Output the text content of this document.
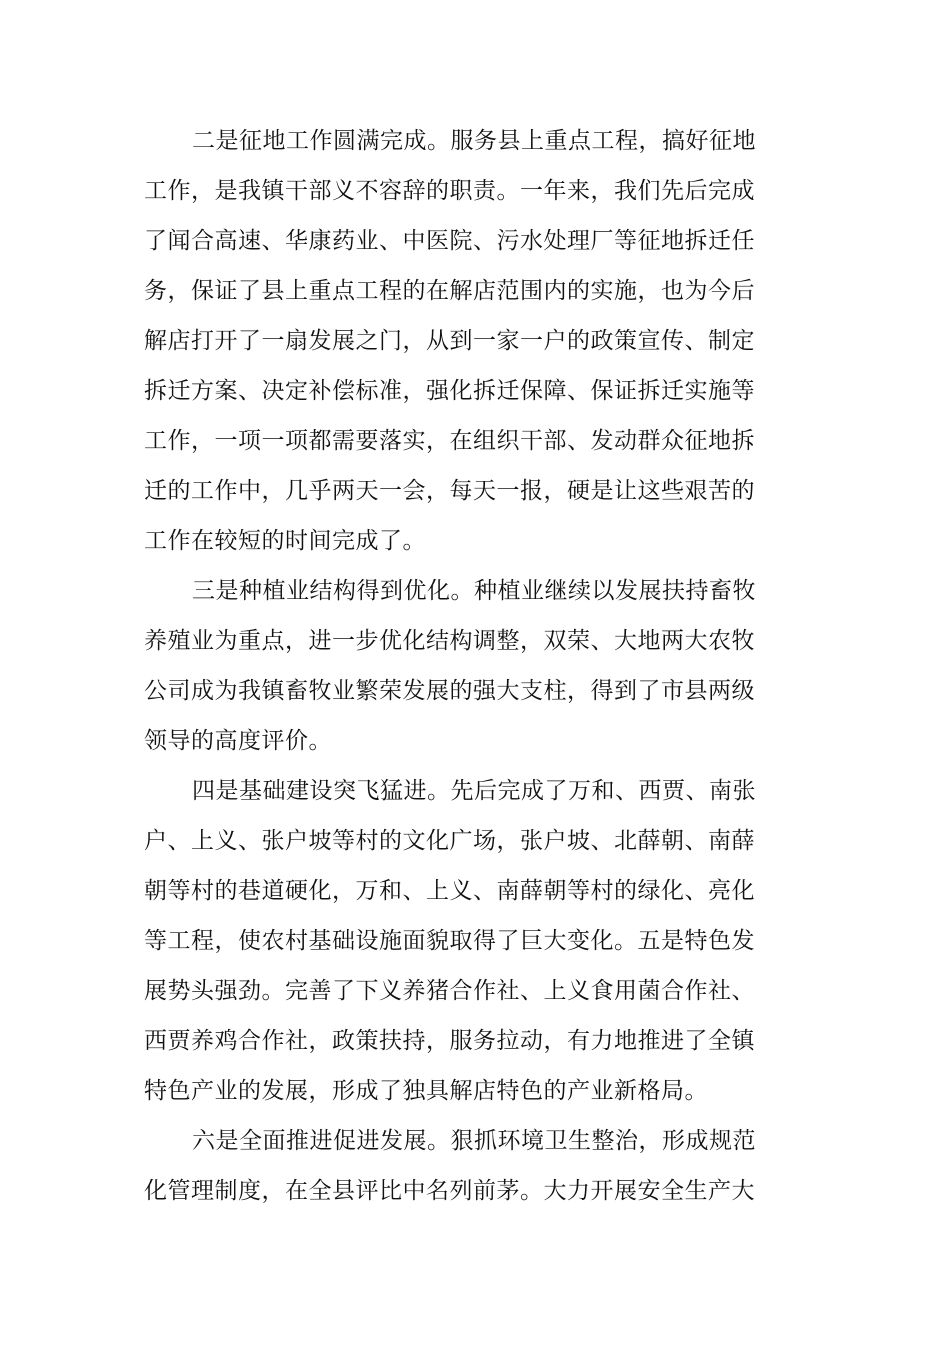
二是征地工作圆满完成。服务县上重点工程，搞好征地
工作，是我镇干部义不容辞的职责。一年来，我们先后完成
了闻合高速、华康药业、中医院、污水处理厂等征地拆迁任
务，保证了县上重点工程的在解店范围内的实施，也为今后
解店打开了一扇发展之门，从到一家一户的政策宣传、制定
拆迁方案、决定补偿标准，强化拆迁保障、保证拆迁实施等
工作，一项一项都需要落实，在组织干部、发动群众征地拆
迁的工作中，几乎两天一会，每天一报，硬是让这些艰苦的
工作在较短的时间完成了。

三是种植业结构得到优化。种植业继续以发展扶持畜牧
养殖业为重点，进一步优化结构调整，双荣、大地两大农牧
公司成为我镇畜牧业繁荣发展的强大支柱，得到了市县两级
领导的高度评价。

四是基础建设突飞猛进。先后完成了万和、西贾、南张
户、上义、张户坡等村的文化广场，张户坡、北薛朝、南薛
朝等村的巷道硬化，万和、上义、南薛朝等村的绿化、亮化
等工程，使农村基础设施面貌取得了巨大变化。五是特色发
展势头强劲。完善了下义养猪合作社、上义食用菌合作社、
西贾养鸡合作社，政策扶持，服务拉动，有力地推进了全镇
特色产业的发展，形成了独具解店特色的产业新格局。

六是全面推进促进发展。狠抓环境卫生整治，形成规范
化管理制度，在全县评比中名列前茅。大力开展安全生产大
